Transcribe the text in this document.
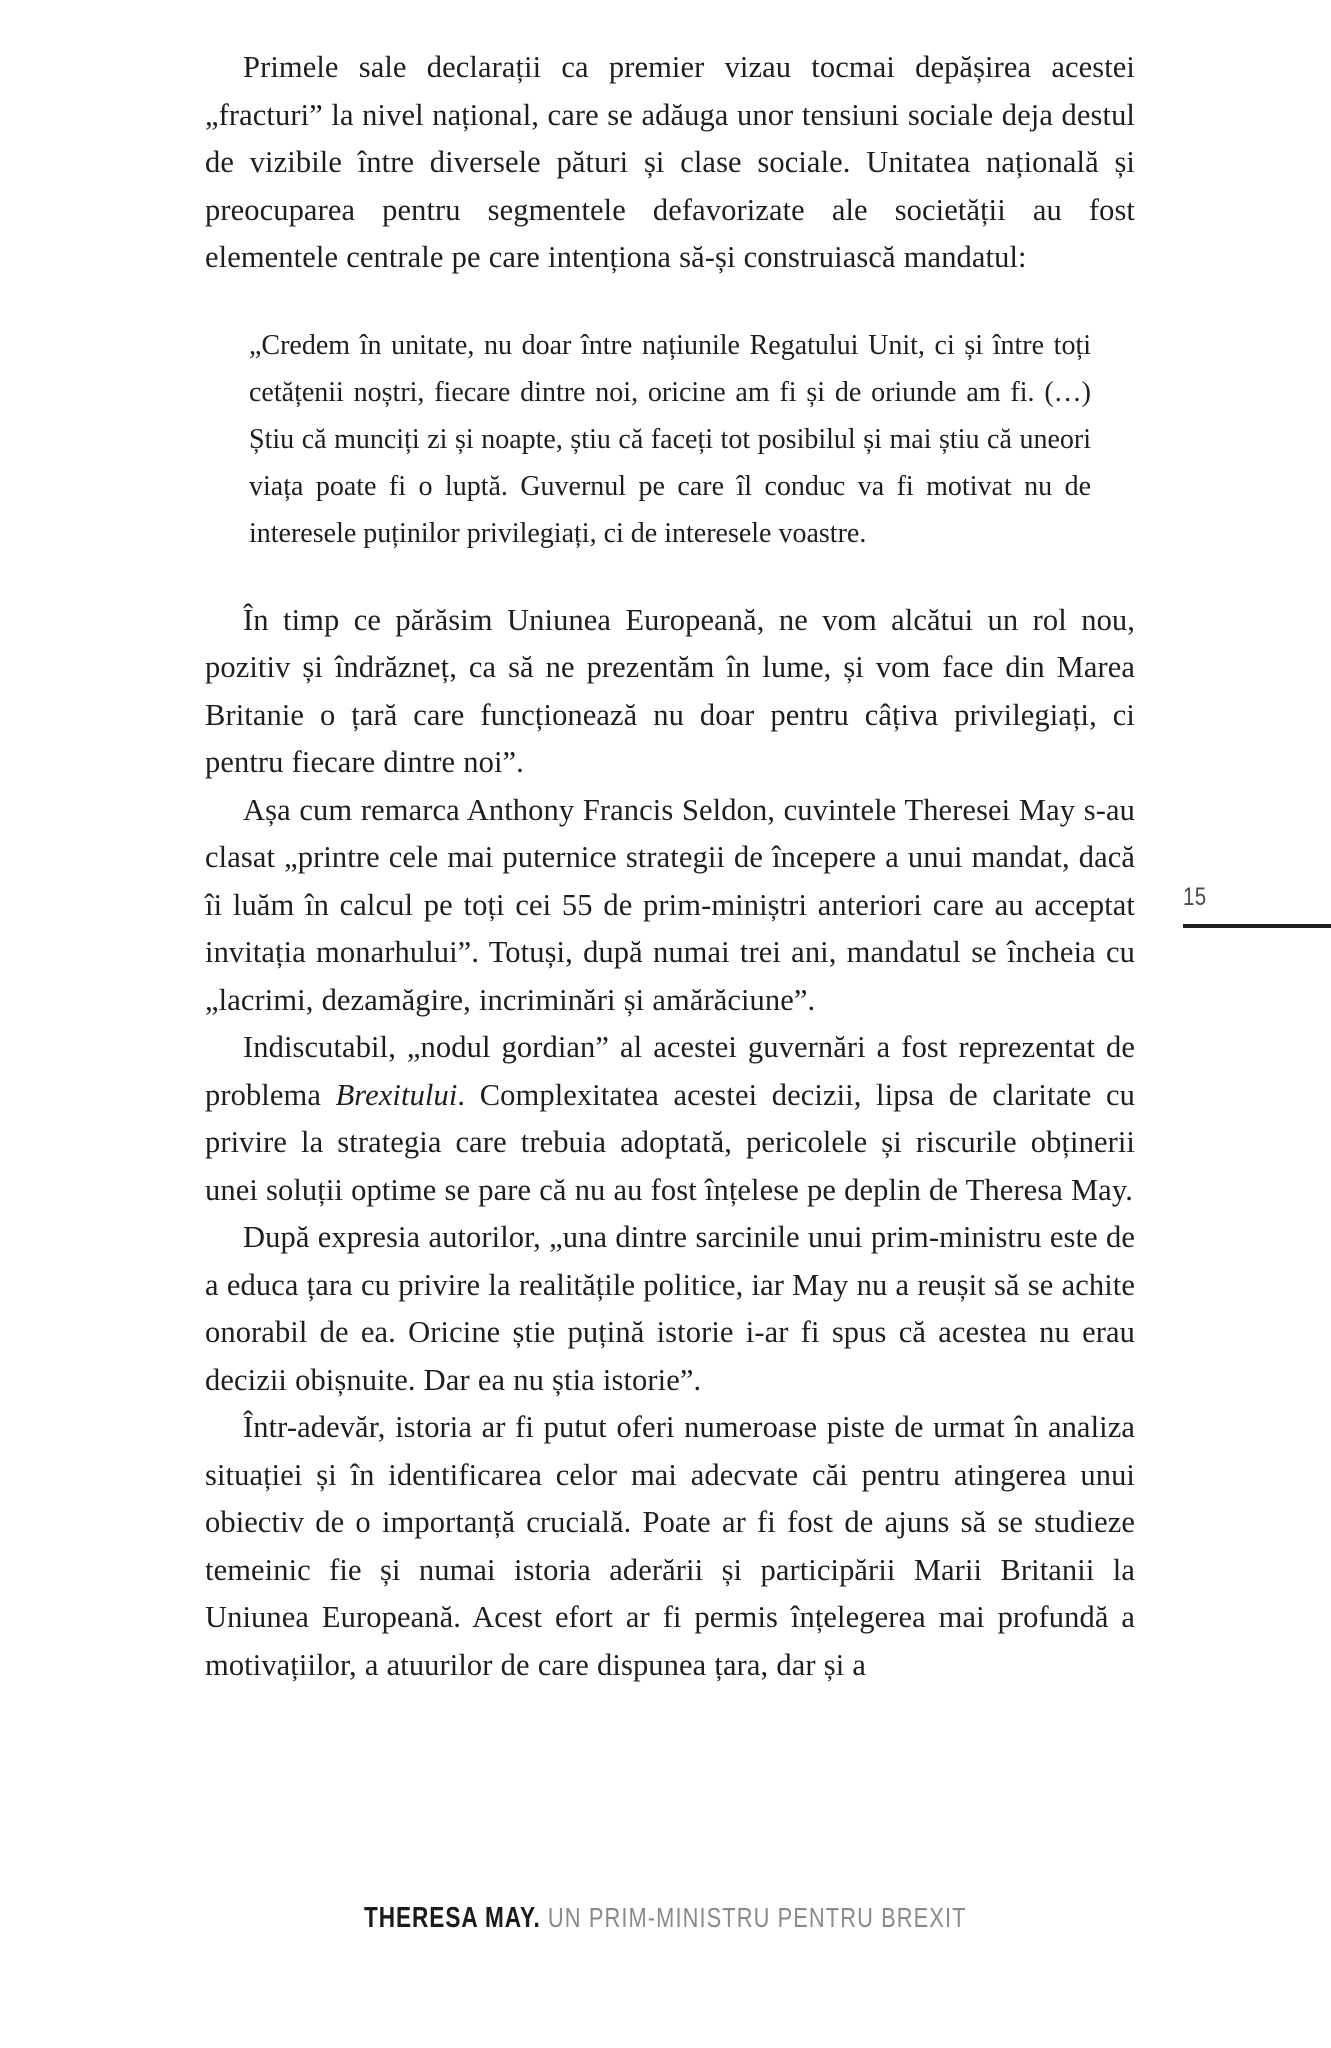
Primele sale declarații ca premier vizau tocmai depășirea acestei „fracturi” la nivel național, care se adăuga unor tensiuni sociale deja destul de vizibile între diversele pături și clase sociale. Unitatea națională și preocuparea pentru segmentele defavorizate ale societății au fost elementele centrale pe care intenționa să-și construiască mandatul:

„Credem în unitate, nu doar între națiunile Regatului Unit, ci și între toți cetățenii noștri, fiecare dintre noi, oricine am fi și de oriunde am fi. (…) Știu că munciți zi și noapte, știu că faceți tot posibilul și mai știu că uneori viața poate fi o luptă. Guvernul pe care îl conduc va fi motivat nu de interesele puținilor privilegiați, ci de interesele voastre.

În timp ce părăsim Uniunea Europeană, ne vom alcătui un rol nou, pozitiv și îndrăzneț, ca să ne prezentăm în lume, și vom face din Marea Britanie o țară care funcționează nu doar pentru câțiva privilegiați, ci pentru fiecare dintre noi”.

Așa cum remarca Anthony Francis Seldon, cuvintele Theresei May s-au clasat „printre cele mai puternice strategii de începere a unui mandat, dacă îi luăm în calcul pe toți cei 55 de prim-miniștri anteriori care au acceptat invitația monarhului”. Totuși, după numai trei ani, mandatul se încheia cu „lacrimi, dezamăgire, incriminări și amărăciune”.

Indiscutabil, „nodul gordian” al acestei guvernări a fost reprezentat de problema Brexitului. Complexitatea acestei decizii, lipsa de claritate cu privire la strategia care trebuia adoptată, pericolele și riscurile obținerii unei soluții optime se pare că nu au fost înțelese pe deplin de Theresa May.

După expresia autorilor, „una dintre sarcinile unui prim-ministru este de a educa țara cu privire la realitățile politice, iar May nu a reușit să se achite onorabil de ea. Oricine știe puțină istorie i-ar fi spus că acestea nu erau decizii obișnuite. Dar ea nu știa istorie”.

Într-adevăr, istoria ar fi putut oferi numeroase piste de urmat în analiza situației și în identificarea celor mai adecvate căi pentru atingerea unui obiectiv de o importanță crucială. Poate ar fi fost de ajuns să se studieze temeinic fie și numai istoria aderării și participării Marii Britanii la Uniunea Europeană. Acest efort ar fi permis înțelegerea mai profundă a motivațiilor, a atuurilor de care dispunea țara, dar și a

15
THERESA MAY. UN PRIM-MINISTRU PENTRU BREXIT
